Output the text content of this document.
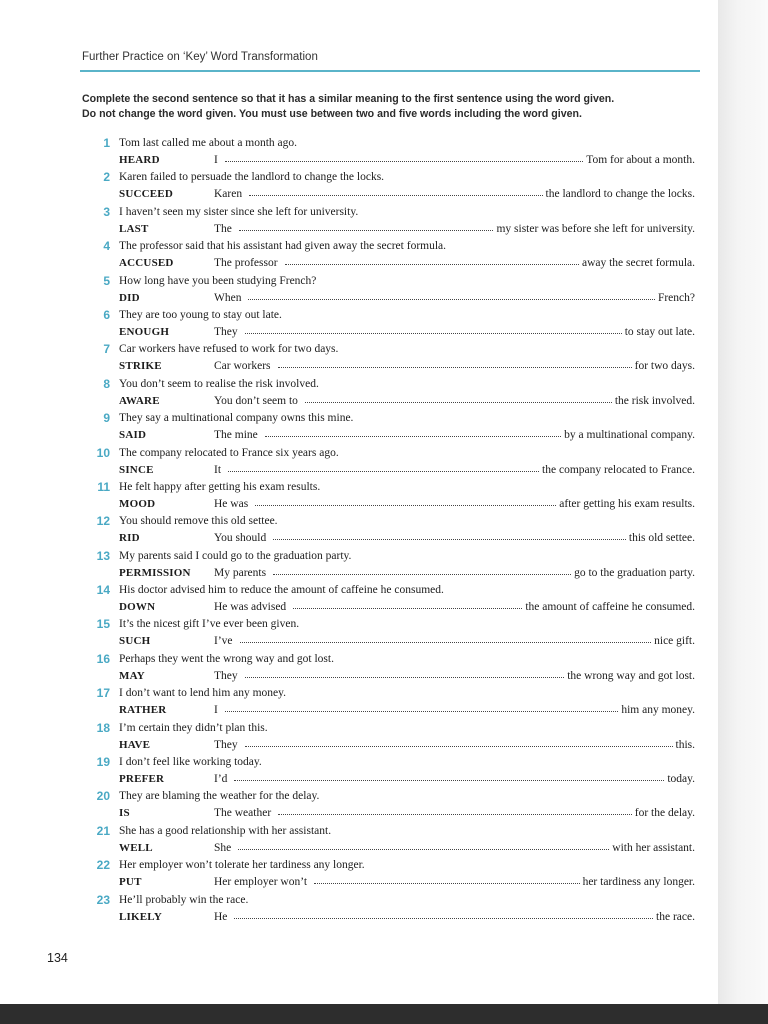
Further Practice on ‘Key’ Word Transformation
Complete the second sentence so that it has a similar meaning to the first sentence using the word given.
Do not change the word given. You must use between two and five words including the word given.
1 Tom last called me about a month ago.
HEARD	I	Tom for about a month.
2 Karen failed to persuade the landlord to change the locks.
SUCCEED	Karen	the landlord to change the locks.
3 I haven’t seen my sister since she left for university.
LAST	The	my sister was before she left for university.
4 The professor said that his assistant had given away the secret formula.
ACCUSED	The professor	away the secret formula.
5 How long have you been studying French?
DID	When	French?
6 They are too young to stay out late.
ENOUGH	They	to stay out late.
7 Car workers have refused to work for two days.
STRIKE	Car workers	for two days.
8 You don’t seem to realise the risk involved.
AWARE	You don’t seem to	the risk involved.
9 They say a multinational company owns this mine.
SAID	The mine	by a multinational company.
10 The company relocated to France six years ago.
SINCE	It	the company relocated to France.
11 He felt happy after getting his exam results.
MOOD	He was	after getting his exam results.
12 You should remove this old settee.
RID	You should	this old settee.
13 My parents said I could go to the graduation party.
PERMISSION	My parents	go to the graduation party.
14 His doctor advised him to reduce the amount of caffeine he consumed.
DOWN	He was advised	the amount of caffeine he consumed.
15 It’s the nicest gift I’ve ever been given.
SUCH	I’ve	nice gift.
16 Perhaps they went the wrong way and got lost.
MAY	They	the wrong way and got lost.
17 I don’t want to lend him any money.
RATHER	I	him any money.
18 I’m certain they didn’t plan this.
HAVE	They	this.
19 I don’t feel like working today.
PREFER	I’d	today.
20 They are blaming the weather for the delay.
IS	The weather	for the delay.
21 She has a good relationship with her assistant.
WELL	She	with her assistant.
22 Her employer won’t tolerate her tardiness any longer.
PUT	Her employer won’t	her tardiness any longer.
23 He’ll probably win the race.
LIKELY	He	the race.
134
